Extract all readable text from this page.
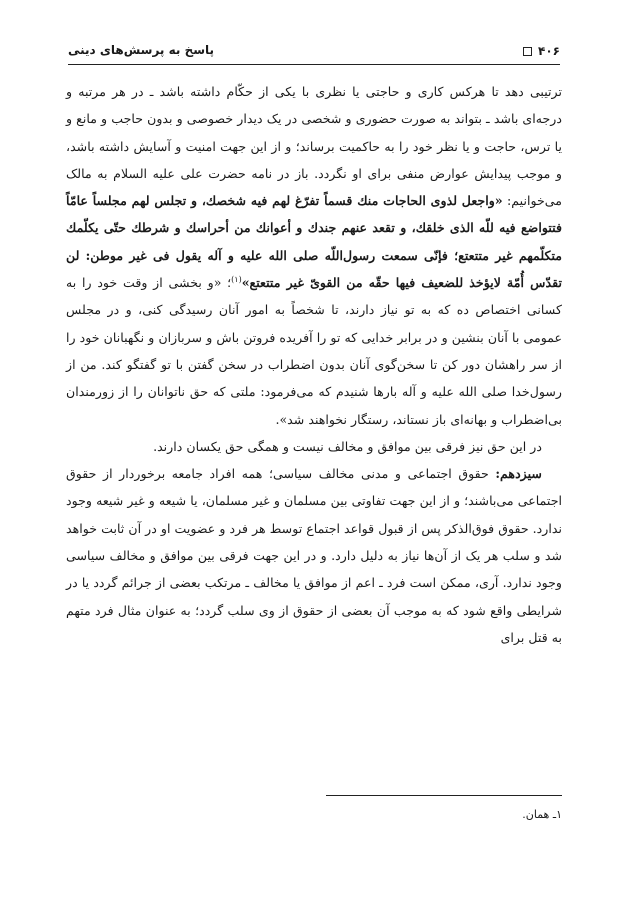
۴۰۶
پاسخ به پرسش‌های دینی

ترتیبی دهد تا هرکس کاری و حاجتی یا نظری با یکی از حکّام داشته باشد ـ در هر مرتبه و درجه‌ای باشد ـ بتواند به صورت حضوری و شخصی در یک دیدار خصوصی و بدون حاجب و مانع و یا ترس، حاجت و یا نظر خود را به حاکمیت برساند؛ و از این جهت امنیت و آسایش داشته باشد، و موجب پیدایش عوارض منفی برای او نگردد. باز در نامه حضرت علی علیه السلام به مالک می‌خوانیم: «واجعل لذوی الحاجات منك قسماً تفرّغ لهم فیه شخصك، و تجلس لهم مجلساً عامّاً فتتواضع فیه للّه الذی خلقك، و تقعد عنهم جندك و أعوانك من أحراسك و شرطك حتّی یكلّمك متكلّمهم غیر متتعتع؛ فإنّی سمعت رسول‌اللّه صلی الله علیه و آله یقول فی غیر موطن: لن تقدّس أُمّة لایؤخذ للضعیف فیها حقّه من القویّ غیر متتعتع»$^{(۱)}$؛ «و بخشی از وقت خود را به کسانی اختصاص ده که به تو نیاز دارند، تا شخصاً به امور آنان رسیدگی کنی، و در مجلس عمومی با آنان بنشین و در برابر خدایی که تو را آفریده فروتن باش و سربازان و نگهبانان خود را از سر راهشان دور کن تا سخن‌گوی آنان بدون اضطراب در سخن گفتن با تو گفتگو کند. من از رسول‌خدا صلی الله علیه و آله بارها شنیدم که می‌فرمود: ملتی که حق ناتوانان را از زورمندان بی‌اضطراب و بهانه‌ای باز نستاند، رستگار نخواهند شد».

در این حق نیز فرقی بین موافق و مخالف نیست و همگی حق یکسان دارند.

سیزدهم: حقوق اجتماعی و مدنی مخالف سیاسی؛ همه افراد جامعه برخوردار از حقوق اجتماعی می‌باشند؛ و از این جهت تفاوتی بین مسلمان و غیر مسلمان، یا شیعه و غیر شیعه وجود ندارد. حقوق فوق‌الذکر پس از قبول قواعد اجتماع توسط هر فرد و عضویت او در آن ثابت خواهد شد و سلب هر یک از آن‌ها نیاز به دلیل دارد. و در این جهت فرقی بین موافق و مخالف سیاسی وجود ندارد. آری، ممکن است فرد ـ اعم از موافق یا مخالف ـ مرتکب بعضی از جرائم گردد یا در شرایطی واقع شود که به موجب آن بعضی از حقوق از وی سلب گردد؛ به عنوان مثال فرد متهم به قتل برای

۱ـ همان.
